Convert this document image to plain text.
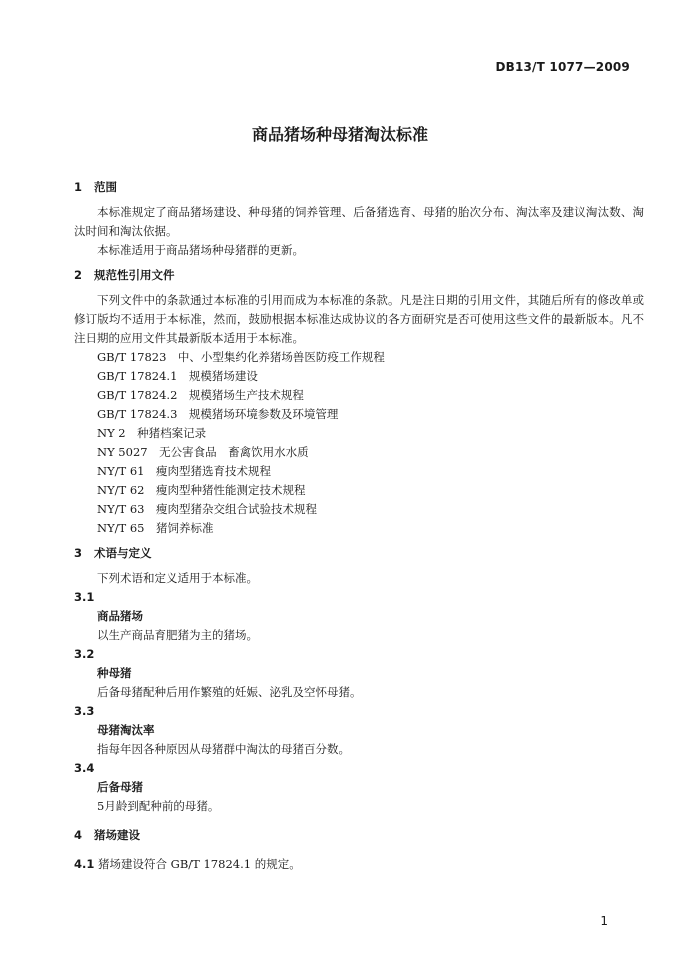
DB13/T 1077—2009
商品猪场种母猪淘汰标准
1 范围
本标准规定了商品猪场建设、种母猪的饲养管理、后备猪选育、母猪的胎次分布、淘汰率及建议淘汰数、淘汰时间和淘汰依据。
本标准适用于商品猪场种母猪群的更新。
2 规范性引用文件
下列文件中的条款通过本标准的引用而成为本标准的条款。凡是注日期的引用文件，其随后所有的修改单或修订版均不适用于本标准，然而，鼓励根据本标准达成协议的各方面研究是否可使用这些文件的最新版本。凡不注日期的应用文件其最新版本适用于本标准。
GB/T 17823　 中、小型集约化养猪场兽医防疫工作规程
GB/T 17824.1　 规模猪场建设
GB/T 17824.2　 规模猪场生产技术规程
GB/T 17824.3　 规模猪场环境参数及环境管理
NY 2　 种猪档案记录
NY 5027　 无公害食品　畜禽饮用水水质
NY/T 61　 瘦肉型猪选育技术规程
NY/T 62　 瘦肉型种猪性能测定技术规程
NY/T 63　 瘦肉型猪杂交组合试验技术规程
NY/T 65　 猪饲养标准
3 术语与定义
下列术语和定义适用于本标准。
3.1
商品猪场
以生产商品育肥猪为主的猪场。
3.2
种母猪
后备母猪配种后用作繁殖的妊娠、泌乳及空怀母猪。
3.3
母猪淘汰率
指每年因各种原因从母猪群中淘汰的母猪百分数。
3.4
后备母猪
5月龄到配种前的母猪。
4 猪场建设
4.1 猪场建设符合 GB/T 17824.1 的规定。
1
